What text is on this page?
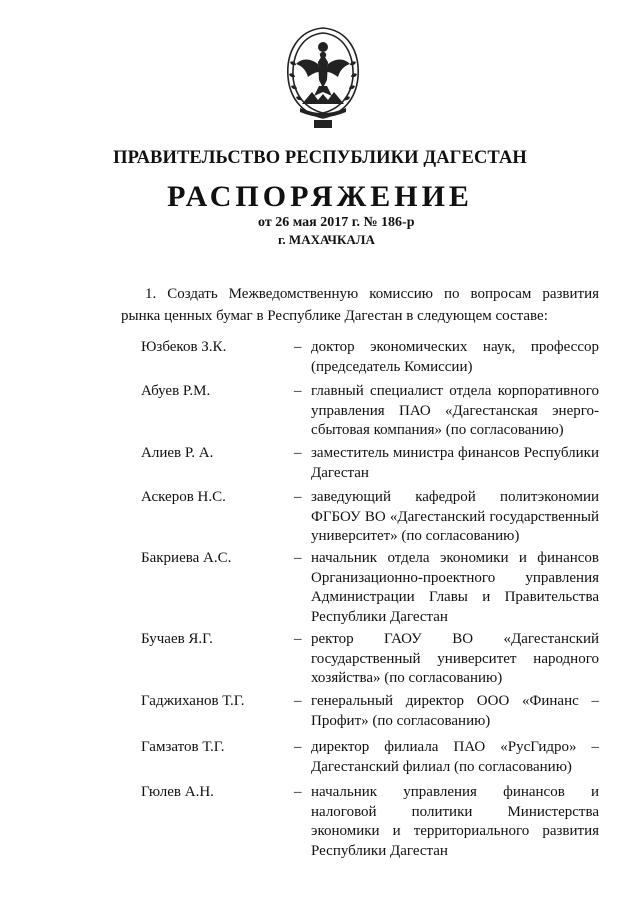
ПРАВИТЕЛЬСТВО РЕСПУБЛИКИ ДАГЕСТАН
РАСПОРЯЖЕНИЕ
от 26 мая 2017 г. № 186-р
г. МАХАЧКАЛА
1. Создать Межведомственную комиссию по вопросам развития
рынка ценных бумаг в Республике Дагестан в следующем составе:
Юзбеков З.К.	– доктор экономических наук, профессор
(председатель Комиссии)
Абуев Р.М.	– главный специалист отдела корпоративного
управления ПАО «Дагестанская энерго-
сбытовая компания» (по согласованию)
Алиев Р. А.	– заместитель министра финансов Республики
Дагестан
Аскеров Н.С.	– заведующий кафедрой политэкономии
ФГБОУ ВО «Дагестанский государственный
университет» (по согласованию)
Бакриева А.С.	– начальник отдела экономики и финансов
Организационно-проектного управления
Администрации Главы и Правительства
Республики Дагестан
Бучаев Я.Г.	– ректор ГАОУ ВО «Дагестанский
государственный университет народного
хозяйства» (по согласованию)
Гаджиханов Т.Г.	– генеральный директор ООО «Финанс –
Профит» (по согласованию)
Гамзатов Т.Г.	– директор филиала ПАО «РусГидро» –
Дагестанский филиал (по согласованию)
Гюлев А.Н.	– начальник управления финансов и
налоговой политики Министерства
экономики и территориального развития
Республики Дагестан
